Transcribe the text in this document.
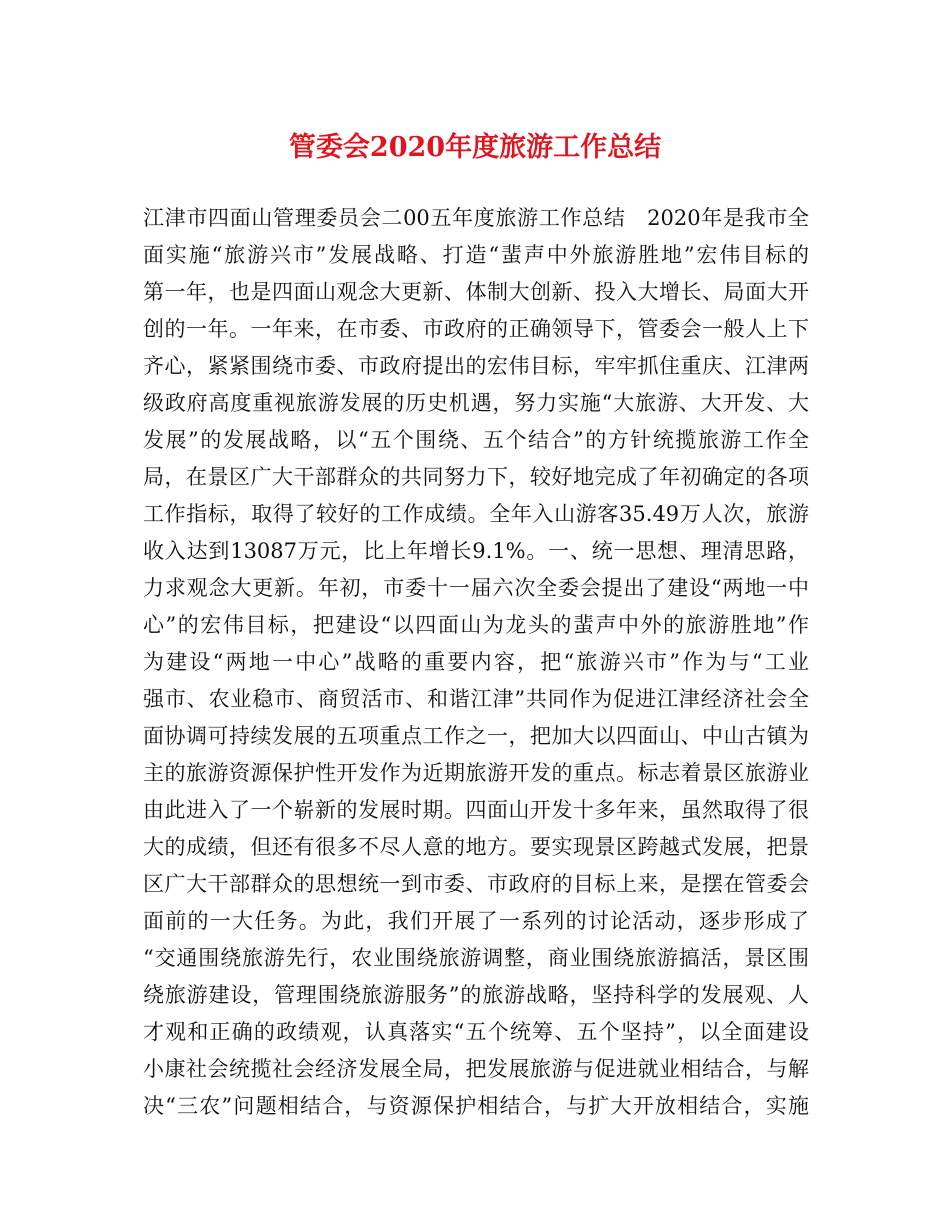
管委会2020年度旅游工作总结
江津市四面山管理委员会二00五年度旅游工作总结　2020年是我市全
面实施“旅游兴市”发展战略、打造“蜚声中外旅游胜地”宏伟目标的
第一年，也是四面山观念大更新、体制大创新、投入大增长、局面大开
创的一年。一年来，在市委、市政府的正确领导下，管委会一般人上下
齐心，紧紧围绕市委、市政府提出的宏伟目标，牢牢抓住重庆、江津两
级政府高度重视旅游发展的历史机遇，努力实施“大旅游、大开发、大
发展”的发展战略，以“五个围绕、五个结合”的方针统揽旅游工作全
局，在景区广大干部群众的共同努力下，较好地完成了年初确定的各项
工作指标，取得了较好的工作成绩。全年入山游客35.49万人次，旅游
收入达到13087万元，比上年增长9.1%。一、统一思想、理清思路，
力求观念大更新。年初，市委十一届六次全委会提出了建设“两地一中
心”的宏伟目标，把建设“以四面山为龙头的蜚声中外的旅游胜地”作
为建设“两地一中心”战略的重要内容，把“旅游兴市”作为与“工业
强市、农业稳市、商贸活市、和谐江津”共同作为促进江津经济社会全
面协调可持续发展的五项重点工作之一，把加大以四面山、中山古镇为
主的旅游资源保护性开发作为近期旅游开发的重点。标志着景区旅游业
由此进入了一个崭新的发展时期。四面山开发十多年来，虽然取得了很
大的成绩，但还有很多不尽人意的地方。要实现景区跨越式发展，把景
区广大干部群众的思想统一到市委、市政府的目标上来，是摆在管委会
面前的一大任务。为此，我们开展了一系列的讨论活动，逐步形成了
“交通围绕旅游先行，农业围绕旅游调整，商业围绕旅游搞活，景区围
绕旅游建设，管理围绕旅游服务”的旅游战略，坚持科学的发展观、人
才观和正确的政绩观，认真落实“五个统筹、五个坚持”，以全面建设
小康社会统揽社会经济发展全局，把发展旅游与促进就业相结合，与解
决“三农”问题相结合，与资源保护相结合，与扩大开放相结合，实施
